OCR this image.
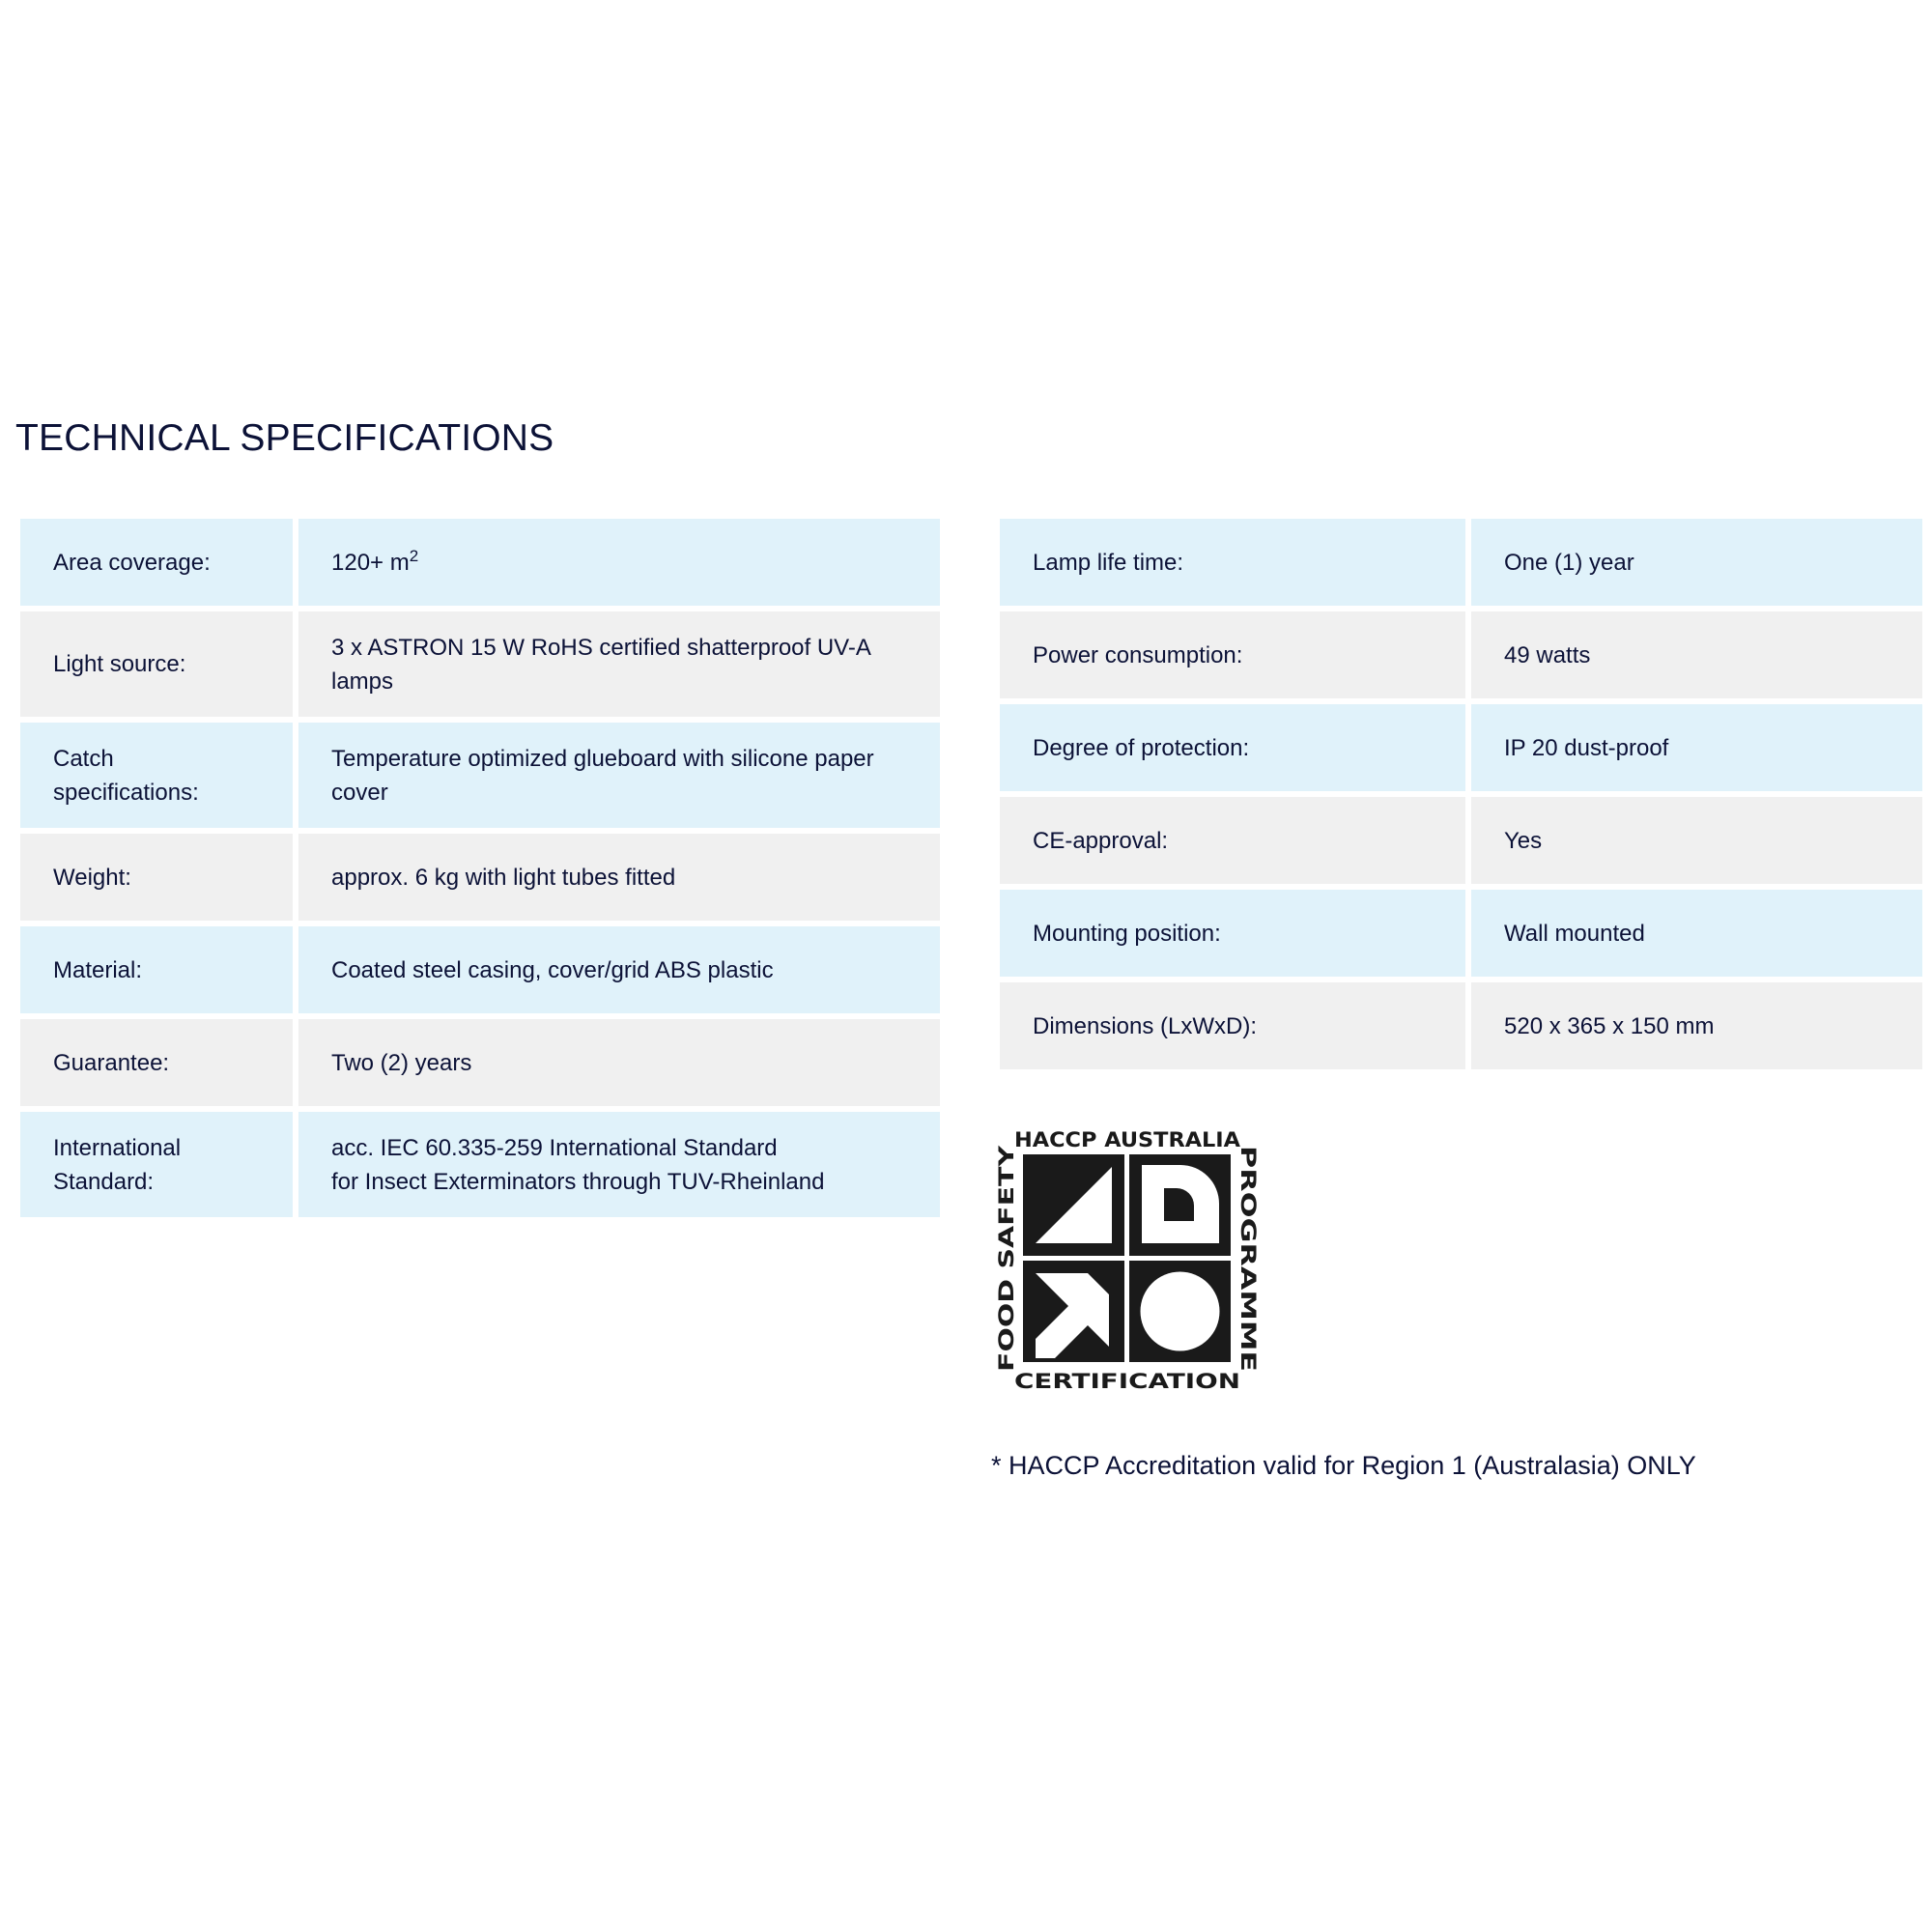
TECHNICAL SPECIFICATIONS
Area coverage:	$120+ m^2$
Light source:	3 x ASTRON 15 W RoHS certified shatterproof UV-A lamps
Catch specifications:	Temperature optimized glueboard with silicone paper cover
Weight:	approx. 6 kg with light tubes fitted
Material:	Coated steel casing, cover/grid ABS plastic
Guarantee:	Two (2) years
International Standard:	acc. IEC 60.335-259 International Standard
for Insect Exterminators through TUV-Rheinland
Lamp life time:	One (1) year
Power consumption:	49 watts
Degree of protection:	IP 20 dust-proof
CE-approval:	Yes
Mounting position:	Wall mounted
Dimensions (LxWxD):	520 x 365 x 150 mm
HACCP AUSTRALIA
CERTIFICATION
FOOD SAFETY	PROGRAMME

* HACCP Accreditation valid for Region 1 (Australasia) ONLY
